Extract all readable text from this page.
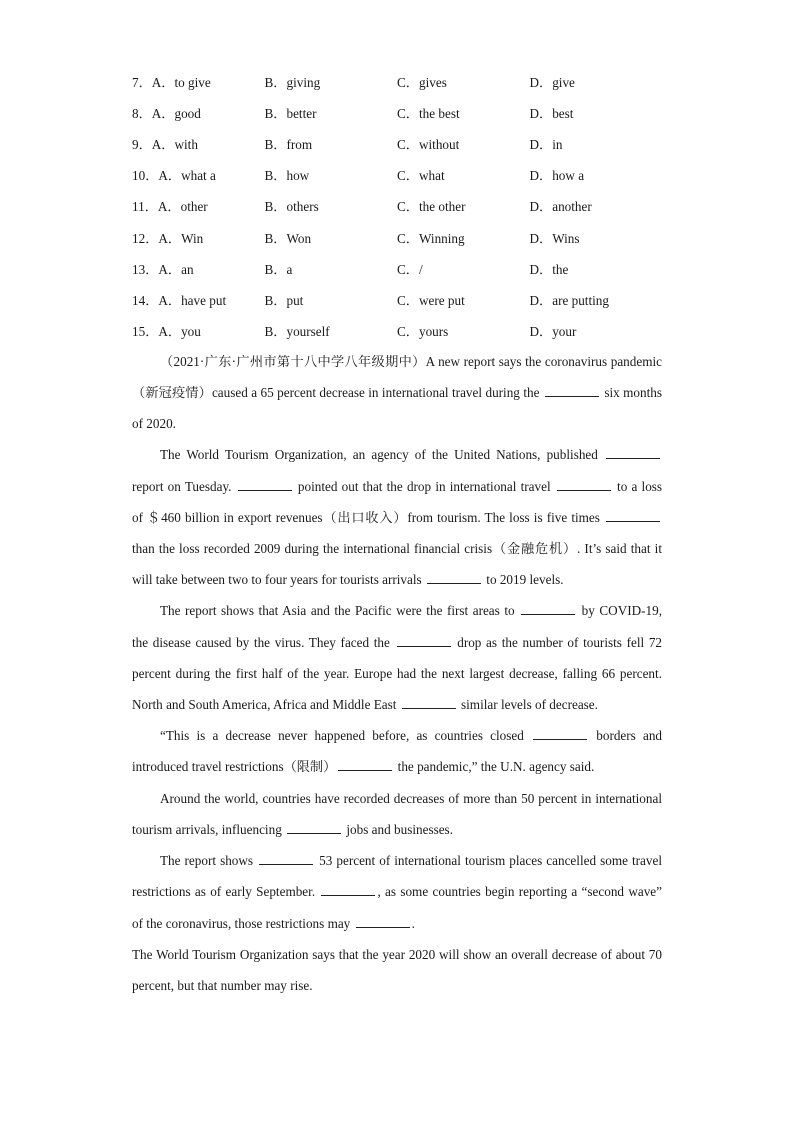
7．A．to give	B．giving	C．gives	D．give
8．A．good	B．better	C．the best	D．best
9．A．with	B．from	C．without	D．in
10．A．what a	B．how	C．what	D．how a
11．A．other	B．others	C．the other	D．another
12．A．Win	B．Won	C．Winning	D．Wins
13．A．an	B．a	C．/	D．the
14．A．have put	B．put	C．were put	D．are putting
15．A．you	B．yourself	C．yours	D．your

（2021·广东·广州市第十八中学八年级期中）A new report says the coronavirus pandemic（新冠疫情）caused a 65 percent decrease in international travel during the	six months of 2020.

The World Tourism Organization, an agency of the United Nations, published  report on Tuesday.	pointed out that the drop in international travel	to a loss of ＄460 billion in export revenues（出口收入）from tourism. The loss is five times  than the loss recorded 2009 during the international financial crisis（金融危机）. It’s said that it will take between two to four years for tourists arrivals	to 2019 levels.

The report shows that Asia and the Pacific were the first areas to	by COVID-19, the disease caused by the virus. They faced the	drop as the number of tourists fell 72 percent during the first half of the year. Europe had the next largest decrease, falling 66 percent. North and South America, Africa and Middle East	similar levels of decrease.

“This is a decrease never happened before, as countries closed	borders and introduced travel restrictions（限制）	the pandemic,” the U.N. agency said.

Around the world, countries have recorded decreases of more than 50 percent in international tourism arrivals, influencing	jobs and businesses.

The report shows	53 percent of international tourism places cancelled some travel restrictions as of early September.	, as some countries begin reporting a “second wave” of the coronavirus, those restrictions may	.

The World Tourism Organization says that the year 2020 will show an overall decrease of about 70 percent, but that number may rise.
